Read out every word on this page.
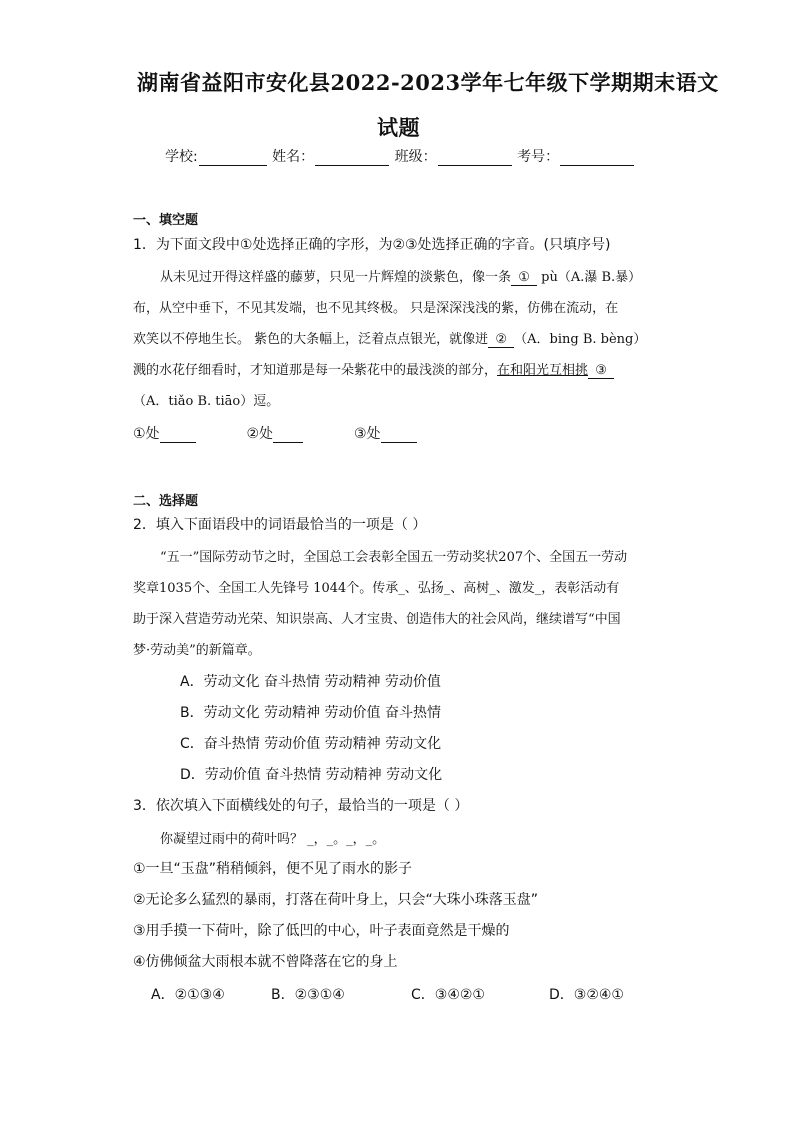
湖南省益阳市安化县2022-2023学年七年级下学期期末语文
试题
学校:	姓名：	班级：	考号：
一、填空题
1．为下面文段中①处选择正确的字形，为②③处选择正确的字音。(只填序号)
从未见过开得这样盛的藤萝，只见一片辉煌的淡紫色，像一条 ① pù（A.瀑 B.暴）
布，从空中垂下，不见其发端，也不见其终极。 只是深深浅浅的紫，仿佛在流动，在
欢笑以不停地生长。 紫色的大条幅上，泛着点点银光，就像迸 ② （A．bing B. bèng）
溅的水花仔细看时，才知道那是每一朵紫花中的最浅淡的部分，在和阳光互相挑 ③
（A．tiǎo B. tiāo）逗。
①处	②处	③处
二、选择题
2．填入下面语段中的词语最恰当的一项是（ ）
“五一”国际劳动节之时，全国总工会表彰全国五一劳动奖状207个、全国五一劳动
奖章1035个、全国工人先锋号 1044个。传承_、弘扬_、高树_、激发_，表彰活动有
助于深入营造劳动光荣、知识崇高、人才宝贵、创造伟大的社会风尚，继续谱写“中国
梦·劳动美”的新篇章。
A．劳动文化 奋斗热情 劳动精神 劳动价值
B．劳动文化 劳动精神 劳动价值 奋斗热情
C．奋斗热情 劳动价值 劳动精神 劳动文化
D．劳动价值 奋斗热情 劳动精神 劳动文化
3．依次填入下面横线处的句子，最恰当的一项是（ ）
你凝望过雨中的荷叶吗？ _，_。_，_。
①一旦“玉盘”稍稍倾斜，便不见了雨水的影子
②无论多么猛烈的暴雨，打落在荷叶身上，只会“大珠小珠落玉盘”
③用手摸一下荷叶，除了低凹的中心，叶子表面竟然是干燥的
④仿佛倾盆大雨根本就不曾降落在它的身上
A．②①③④	B．②③①④	C．③④②①	D．③②④①
